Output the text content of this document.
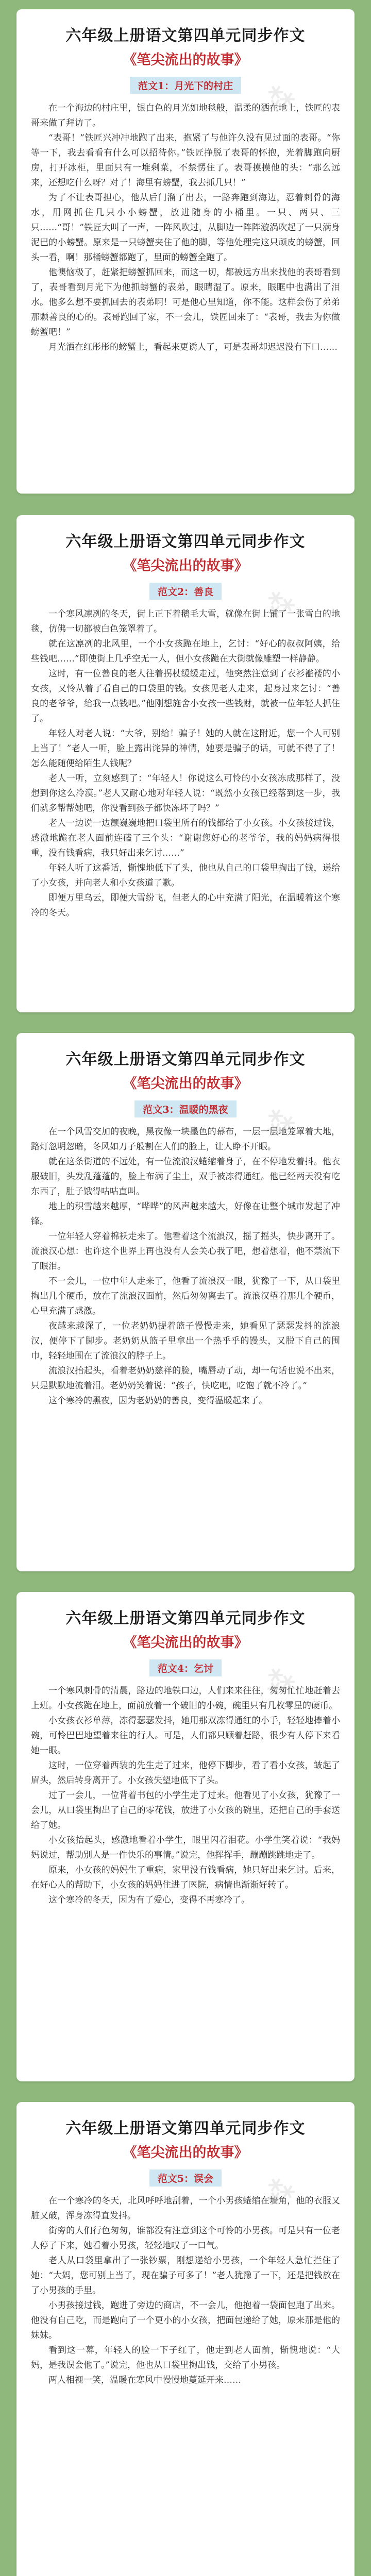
⁂
六年级上册语文第四单元同步作文
《笔尖流出的故事》
范文1：月光下的村庄

在一个海边的村庄里，银白色的月光如地毯般，温柔的洒在地上，铁匠的表哥来做了拜访了。

“表哥！”铁匠兴冲冲地跑了出来，抱紧了与他许久没有见过面的表哥。“你等一下，我去看看有什么可以招待你。”铁匠挣脱了表哥的怀抱，光着脚跑向厨房，打开冰柜，里面只有一堆剩菜，不禁愣住了。表哥摸摸他的头：“那么远来，还想吃什么呀？对了！海里有螃蟹，我去抓几只！”

为了不让表哥担心，他从后门溜了出去，一路奔跑到海边，忍着刺骨的海水，用网抓住几只小小螃蟹，放进随身的小桶里。一只、两只、三只……“哥！”铁匠大叫了一声，一阵风吹过，从脚边一阵阵漩涡吹起了一只满身泥巴的小螃蟹。原来是一只螃蟹夹住了他的脚，等他处理完这只顽皮的螃蟹，回头一看，啊！那桶螃蟹都跑了，里面的螃蟹全跑了。

他懊恼极了，赶紧把螃蟹抓回来，而这一切，都被远方出来找他的表哥看到了，表哥看到月光下为他抓螃蟹的表弟，眼睛湿了。原来，眼眶中也满出了泪水。他多么想不要抓回去的表弟啊！可是他心里知道，你不能。这样会伤了弟弟那颗善良的心的。表哥跑回了家，不一会儿，铁匠回来了：“表哥，我去为你做螃蟹吧！”

月光洒在红彤彤的螃蟹上，看起来更诱人了，可是表哥却迟迟没有下口……

⁂
六年级上册语文第四单元同步作文
《笔尖流出的故事》
范文2：善良

一个寒风凛冽的冬天，街上正下着鹅毛大雪，就像在街上铺了一张雪白的地毯，仿佛一切都被白色笼罩着了。

就在这凛冽的北风里，一个小女孩跪在地上，乞讨：“好心的叔叔阿姨，给些钱吧……”即使街上几乎空无一人，但小女孩跪在大街就像雕塑一样静静。

这时，有一位善良的老人往着拐杖缓缓走过，他突然注意到了衣衫褴褛的小女孩，又怜从着了看自己的口袋里的钱。女孩见老人走来，起身过来乞讨：“善良的老爷爷，给我一点钱吧。”他刚想施舍小女孩一些钱财，就被一位年轻人抓住了。

年轻人对老人说：“大爷，别给！骗子！她的人就在这附近，您一个人可别上当了！”老人一听，脸上露出诧异的神情，她要是骗子的话，可就不得了了！怎么能随便给陌生人钱呢？

老人一听，立刻感到了：“年轻人！你说这么可怜的小女孩冻成那样了，没想到你这么冷漠。”老人又耐心地对年轻人说：“既然小女孩已经落到这一步，我们就多帮帮她吧，你没看到孩子都快冻坏了吗？”

老人一边说一边颤巍巍地把口袋里所有的钱都给了小女孩。小女孩接过钱，感激地跪在老人面前连磕了三个头：“谢谢您好心的老爷爷，我的妈妈病得很重，没有钱看病，我只好出来乞讨……”

年轻人听了这番话，惭愧地低下了头，他也从自己的口袋里掏出了钱，递给了小女孩，并向老人和小女孩道了歉。

即便万里乌云，即便大雪纷飞，但老人的心中充满了阳光，在温暖着这个寒冷的冬天。

⁂
六年级上册语文第四单元同步作文
《笔尖流出的故事》
范文3：温暖的黑夜

在一个风雪交加的夜晚，黑夜像一块墨色的幕布，一层一层地笼罩着大地，路灯忽明忽暗，冬风如刀子般割在人们的脸上，让人睁不开眼。

就在这条街道的不远处，有一位流浪汉蜷缩着身子，在不停地发着抖。他衣服破旧，头发乱蓬蓬的，脸上布满了尘土，双手被冻得通红。他已经两天没有吃东西了，肚子饿得咕咕直叫。

地上的积雪越来越厚，“哗哗”的风声越来越大，好像在让整个城市发起了冲锋。

一位年轻人穿着棉袄走来了。他看着这个流浪汉，摇了摇头，快步离开了。流浪汉心想：也许这个世界上再也没有人会关心我了吧，想着想着，他不禁流下了眼泪。

不一会儿，一位中年人走来了，他看了流浪汉一眼，犹豫了一下，从口袋里掏出几个硬币，放在了流浪汉面前，然后匆匆离去了。流浪汉望着那几个硬币，心里充满了感激。

夜越来越深了，一位老奶奶提着篮子慢慢走来，她看见了瑟瑟发抖的流浪汉，便停下了脚步。老奶奶从篮子里拿出一个热乎乎的馒头，又脱下自己的围巾，轻轻地围在了流浪汉的脖子上。

流浪汉抬起头，看着老奶奶慈祥的脸，嘴唇动了动，却一句话也说不出来，只是默默地流着泪。老奶奶笑着说：“孩子，快吃吧，吃饱了就不冷了。”

这个寒冷的黑夜，因为老奶奶的善良，变得温暖起来了。

⁂
六年级上册语文第四单元同步作文
《笔尖流出的故事》
范文4：乞讨

一个寒风刺骨的清晨，路边的地铁口边，人们来来往往，匆匆忙忙地赶着去上班。小女孩跪在地上，面前放着一个破旧的小碗，碗里只有几枚零星的硬币。

小女孩衣衫单薄，冻得瑟瑟发抖，她用那双冻得通红的小手，轻轻地捧着小碗，可怜巴巴地望着来往的行人。可是，人们都只顾着赶路，很少有人停下来看她一眼。

这时，一位穿着西装的先生走了过来，他停下脚步，看了看小女孩，皱起了眉头，然后转身离开了。小女孩失望地低下了头。

过了一会儿，一位背着书包的小学生走了过来。他看见了小女孩，犹豫了一会儿，从口袋里掏出了自己的零花钱，放进了小女孩的碗里，还把自己的手套送给了她。

小女孩抬起头，感激地看着小学生，眼里闪着泪花。小学生笑着说：“我妈妈说过，帮助别人是一件快乐的事情。”说完，他挥挥手，蹦蹦跳跳地走了。

原来，小女孩的妈妈生了重病，家里没有钱看病，她只好出来乞讨。后来，在好心人的帮助下，小女孩的妈妈住进了医院，病情也渐渐好转了。

这个寒冷的冬天，因为有了爱心，变得不再寒冷了。

⁂
六年级上册语文第四单元同步作文
《笔尖流出的故事》
范文5：误会

在一个寒冷的冬天，北风呼呼地刮着，一个小男孩蜷缩在墙角，他的衣服又脏又破，浑身冻得直发抖。

街旁的人们行色匆匆，谁都没有注意到这个可怜的小男孩。可是只有一位老人停了下来，她看着小男孩，轻轻地叹了一口气。

老人从口袋里拿出了一张钞票，刚想递给小男孩，一个年轻人急忙拦住了她：“大妈，您可别上当了，现在骗子可多了！”老人犹豫了一下，还是把钱放在了小男孩的手里。

小男孩接过钱，跑进了旁边的商店，不一会儿，他抱着一袋面包跑了出来。他没有自己吃，而是跑向了一个更小的小女孩，把面包递给了她，原来那是他的妹妹。

看到这一幕，年轻人的脸一下子红了，他走到老人面前，惭愧地说：“大妈，是我误会他了。”说完，他也从口袋里掏出钱，交给了小男孩。

两人相视一笑，温暖在寒风中慢慢地蔓延开来……
